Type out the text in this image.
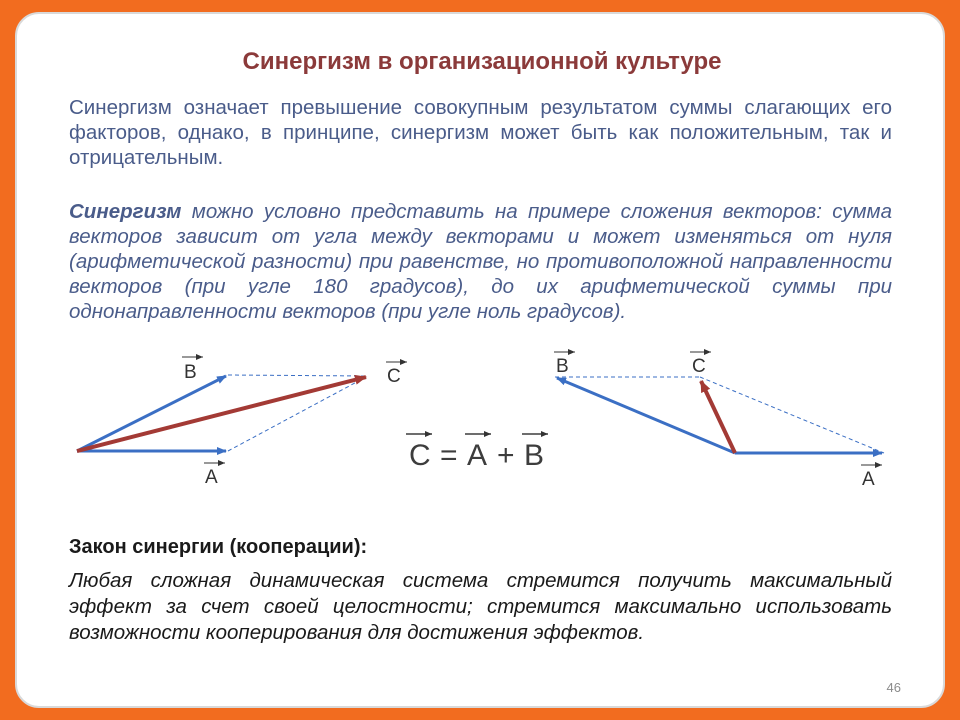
Синергизм в организационной культуре
Синергизм означает превышение совокупным результатом суммы слагающих его факторов, однако, в принципе, синергизм может быть как положительным, так и отрицательным.
Синергизм можно условно представить на примере сложения векторов: сумма векторов зависит от угла между векторами и может изменяться от нуля (арифметической разности) при равенстве, но противоположной направленности векторов (при угле 180 градусов), до их арифметической суммы при однонаправленности векторов (при угле ноль градусов).
Закон синергии (кооперации):
Любая сложная динамическая система стремится получить максимальный эффект за счет своей целостности; стремится максимально использовать возможности кооперирования для достижения эффектов.
46
B	C
A
C = A + B
B	C
A
